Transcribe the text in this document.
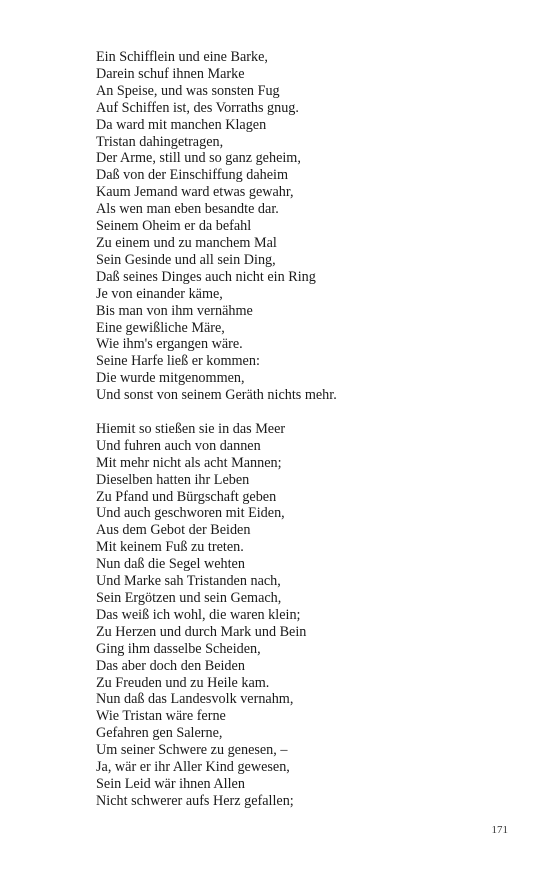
Ein Schifflein und eine Barke,
Darein schuf ihnen Marke
An Speise, und was sonsten Fug
Auf Schiffen ist, des Vorraths gnug.
Da ward mit manchen Klagen
Tristan dahingetragen,
Der Arme, still und so ganz geheim,
Daß von der Einschiffung daheim
Kaum Jemand ward etwas gewahr,
Als wen man eben besandte dar.
Seinem Oheim er da befahl
Zu einem und zu manchem Mal
Sein Gesinde und all sein Ding,
Daß seines Dinges auch nicht ein Ring
Je von einander käme,
Bis man von ihm vernähme
Eine gewißliche Märe,
Wie ihm's ergangen wäre.
Seine Harfe ließ er kommen:
Die wurde mitgenommen,
Und sonst von seinem Geräth nichts mehr.
Hiemit so stießen sie in das Meer
Und fuhren auch von dannen
Mit mehr nicht als acht Mannen;
Dieselben hatten ihr Leben
Zu Pfand und Bürgschaft geben
Und auch geschworen mit Eiden,
Aus dem Gebot der Beiden
Mit keinem Fuß zu treten.
Nun daß die Segel wehten
Und Marke sah Tristanden nach,
Sein Ergötzen und sein Gemach,
Das weiß ich wohl, die waren klein;
Zu Herzen und durch Mark und Bein
Ging ihm dasselbe Scheiden,
Das aber doch den Beiden
Zu Freuden und zu Heile kam.
Nun daß das Landesvolk vernahm,
Wie Tristan wäre ferne
Gefahren gen Salerne,
Um seiner Schwere zu genesen, –
Ja, wär er ihr Aller Kind gewesen,
Sein Leid wär ihnen Allen
Nicht schwerer aufs Herz gefallen;
171
